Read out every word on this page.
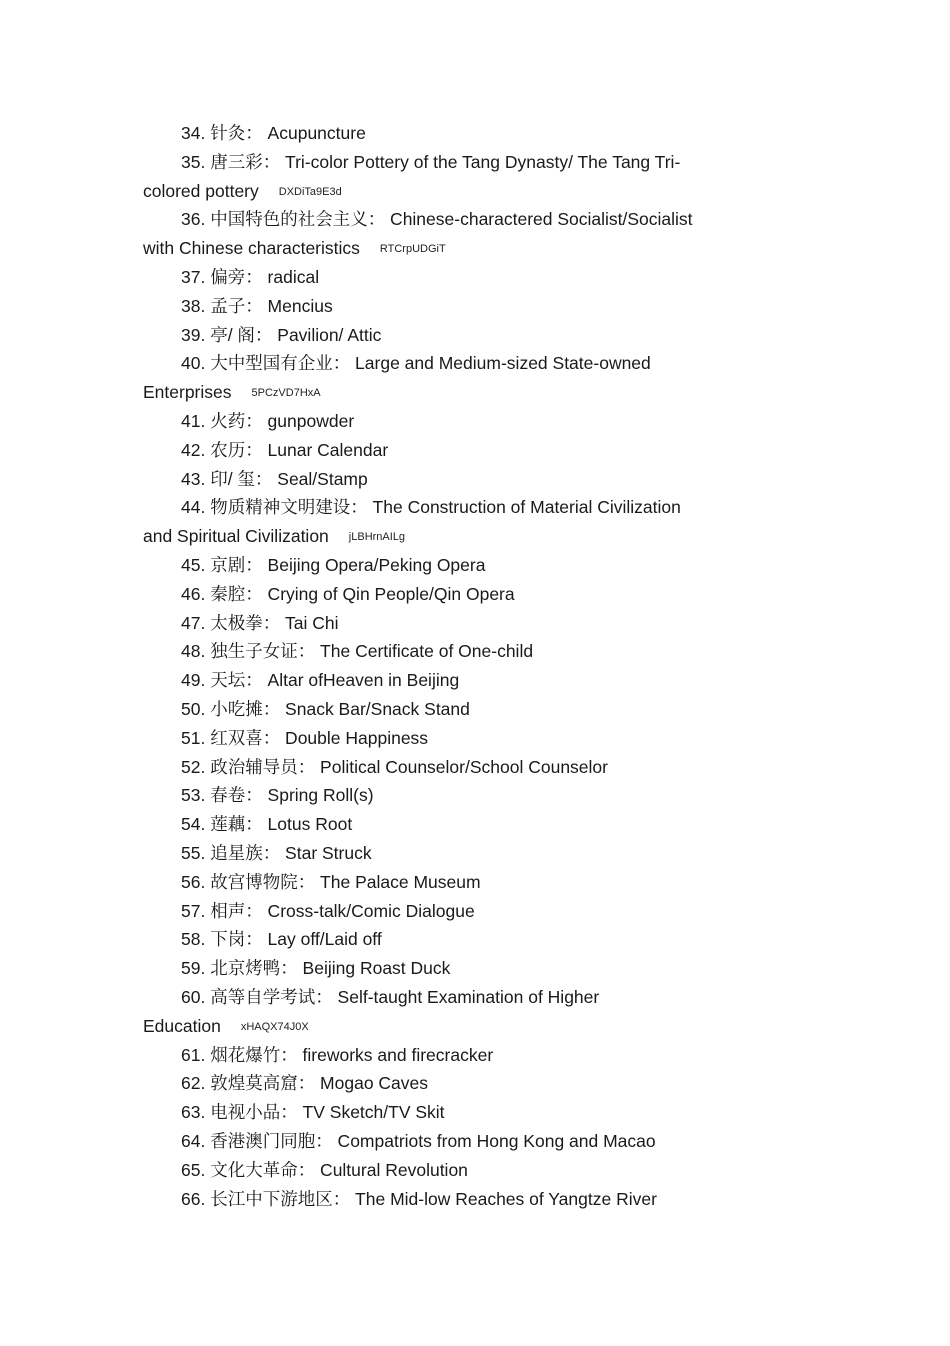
34. 针灸： Acupuncture
35. 唐三彩： Tri-color Pottery of the Tang Dynasty/ The Tang Tri-
colored pottery DXDiTa9E3d
36. 中国特色的社会主义： Chinese-charactered Socialist/Socialist
with Chinese characteristics RTCrpUDGiT
37. 偏旁： radical
38. 孟子： Mencius
39. 亭/ 阁： Pavilion/ Attic
40. 大中型国有企业： Large and Medium-sized State-owned
Enterprises 5PCzVD7HxA
41. 火药： gunpowder
42. 农历： Lunar Calendar
43. 印/ 玺： Seal/Stamp
44. 物质精神文明建设： The Construction of Material Civilization
and Spiritual Civilization jLBHrnAILg
45. 京剧： Beijing Opera/Peking Opera
46. 秦腔： Crying of Qin People/Qin Opera
47. 太极拳： Tai Chi
48. 独生子女证： The Certificate of One-child
49. 天坛： Altar ofHeaven in Beijing
50. 小吃摊： Snack Bar/Snack Stand
51. 红双喜： Double Happiness
52. 政治辅导员： Political Counselor/School Counselor
53. 春卷： Spring Roll(s)
54. 莲藕： Lotus Root
55. 追星族： Star Struck
56. 故宫博物院： The Palace Museum
57. 相声： Cross-talk/Comic Dialogue
58. 下岗： Lay off/Laid off
59. 北京烤鸭： Beijing Roast Duck
60. 高等自学考试： Self-taught Examination of Higher
Education xHAQX74J0X
61. 烟花爆竹： fireworks and firecracker
62. 敦煌莫高窟： Mogao Caves
63. 电视小品： TV Sketch/TV Skit
64. 香港澳门同胞： Compatriots from Hong Kong and Macao
65. 文化大革命： Cultural Revolution
66. 长江中下游地区： The Mid-low Reaches of Yangtze River
